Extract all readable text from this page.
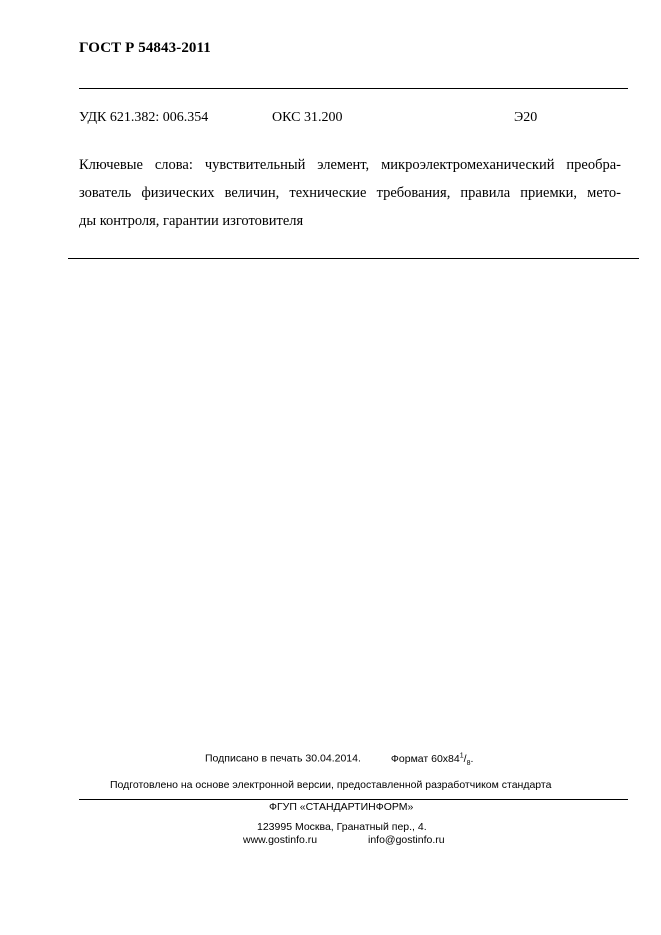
ГОСТ Р 54843-2011
УДК 621.382: 006.354	ОКС 31.200	Э20
Ключевые слова: чувствительный элемент, микроэлектромеханический преобра-
зователь физических величин, технические требования, правила приемки, мето-
ды контроля, гарантии изготовителя
Подписано в печать 30.04.2014.	Формат $60x84^1/_8$.
Подготовлено на основе электронной версии, предоставленной разработчиком стандарта
ФГУП «СТАНДАРТИНФОРМ»
123995 Москва, Гранатный пер., 4.
www.gostinfo.ru	info@gostinfo.ru
